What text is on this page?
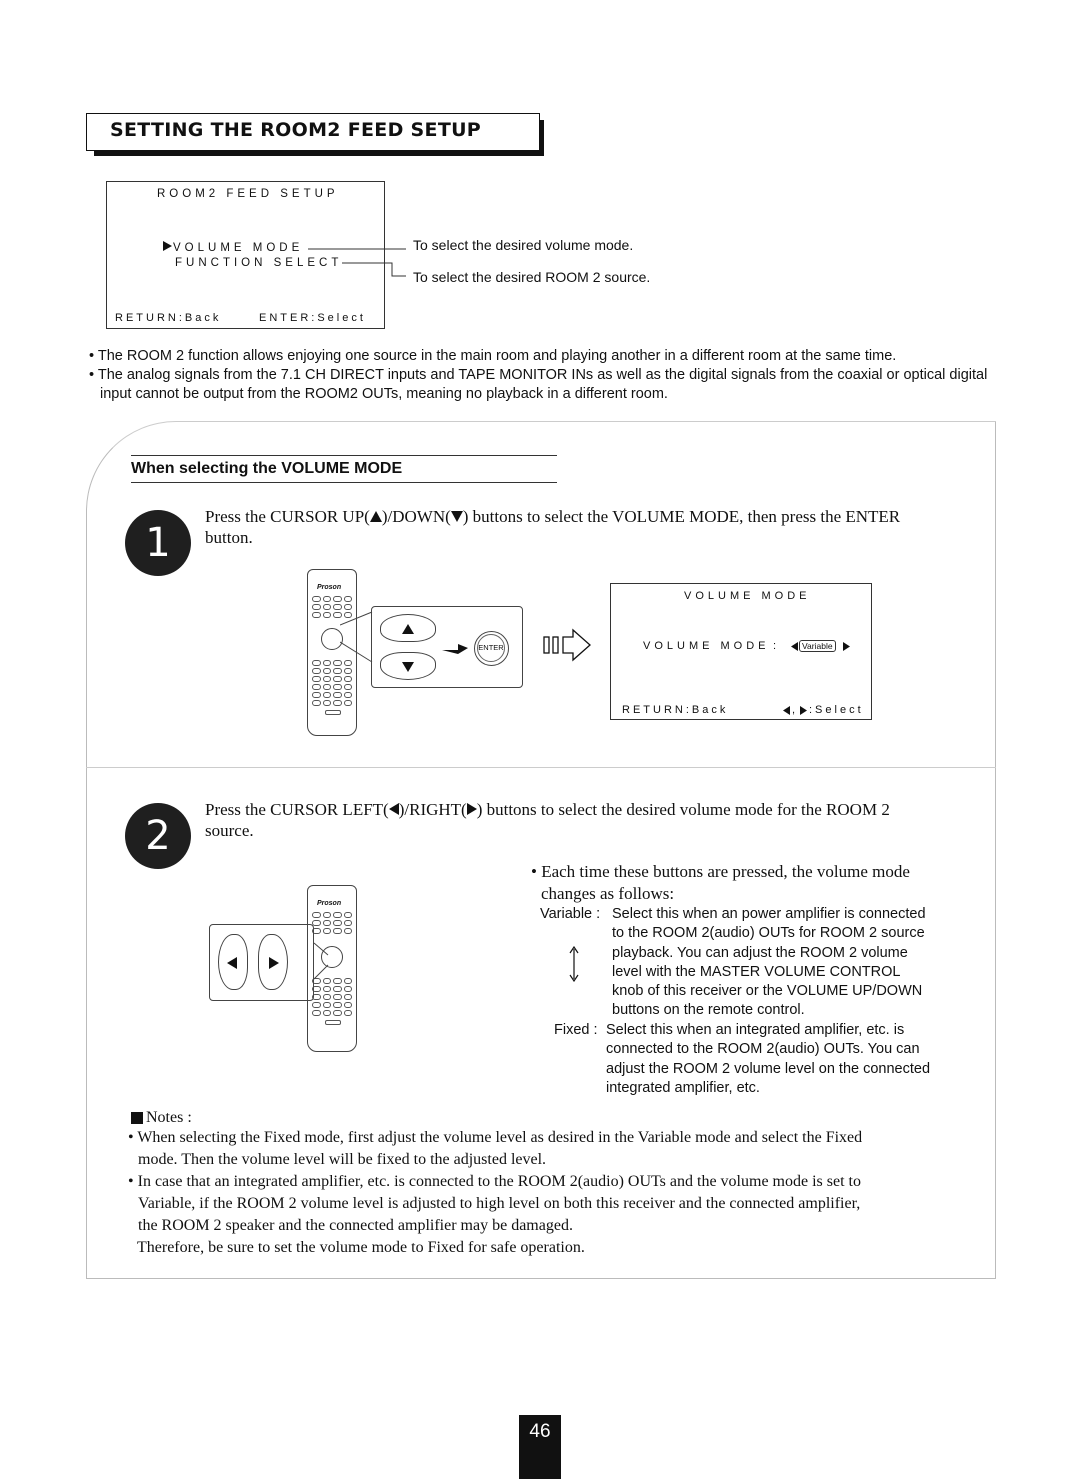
SETTING THE ROOM2 FEED SETUP
ROOM2 FEED SETUP
VOLUME MODE
FUNCTION SELECT
RETURN:Back	ENTER:Select
To select the desired volume mode.
To select the desired ROOM 2 source.
• The ROOM 2 function allows enjoying one source in the main room and playing another in a different room at the same time.
• The analog signals from the 7.1 CH DIRECT inputs and TAPE MONITOR INs as well as the digital signals from the coaxial or optical digital input cannot be output from the ROOM2 OUTs, meaning no playback in a different room.
When selecting the VOLUME MODE
1
Press the CURSOR UP( )/DOWN( ) buttons to select the VOLUME MODE, then press the ENTER
button.
Proson
ENTER
VOLUME MODE
VOLUME MODE :	Variable
RETURN:Back	, :Select
2
Press the CURSOR LEFT( )/RIGHT( ) buttons to select the desired volume mode for the ROOM 2
source.
Proson
• Each time these buttons are pressed, the volume mode
changes as follows:
Variable : Select this when an power amplifier is connected
to the ROOM 2(audio) OUTs for ROOM 2 source
playback. You can adjust the ROOM 2 volume
level with the MASTER VOLUME CONTROL
knob of this receiver or the VOLUME UP/DOWN
buttons on the remote control.
Fixed : Select this when an integrated amplifier, etc. is
connected to the ROOM 2(audio) OUTs. You can
adjust the ROOM 2 volume level on the connected
integrated amplifier, etc.
Notes :
• When selecting the Fixed mode, first adjust the volume level as desired in the Variable mode and select the Fixed
mode. Then the volume level will be fixed to the adjusted level.
• In case that an integrated amplifier, etc. is connected to the ROOM 2(audio) OUTs and the volume mode is set to
Variable, if the ROOM 2 volume level is adjusted to high level on both this receiver and the connected amplifier,
the ROOM 2 speaker and the connected amplifier may be damaged.
Therefore, be sure to set the volume mode to Fixed for safe operation.
46
